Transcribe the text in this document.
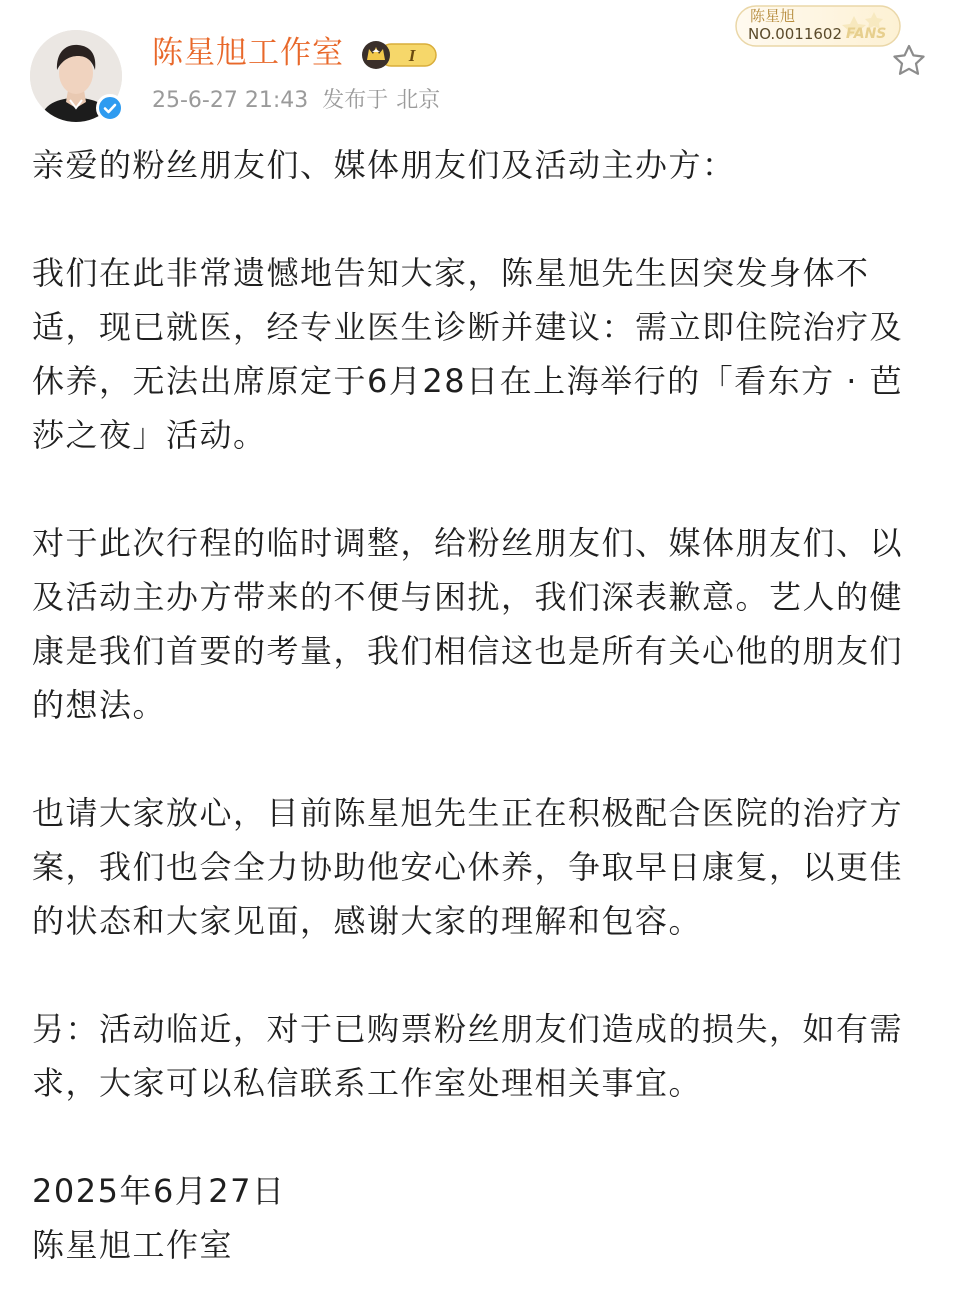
陈星旭工作室	I
25-6-27 21:43 发布于 北京
陈星旭
NO.0011602 FANS

亲爱的粉丝朋友们、媒体朋友们及活动主办方：

我们在此非常遗憾地告知大家，陈星旭先生因突发身体不适，现已就医，经专业医生诊断并建议：需立即住院治疗及休养，无法出席原定于6月28日在上海举行的「看东方 · 芭莎之夜」活动。

对于此次行程的临时调整，给粉丝朋友们、媒体朋友们、以及活动主办方带来的不便与困扰，我们深表歉意。艺人的健康是我们首要的考量，我们相信这也是所有关心他的朋友们的想法。

也请大家放心，目前陈星旭先生正在积极配合医院的治疗方案，我们也会全力协助他安心休养，争取早日康复，以更佳的状态和大家见面，感谢大家的理解和包容。

另：活动临近，对于已购票粉丝朋友们造成的损失，如有需求，大家可以私信联系工作室处理相关事宜。

2025年6月27日
陈星旭工作室
